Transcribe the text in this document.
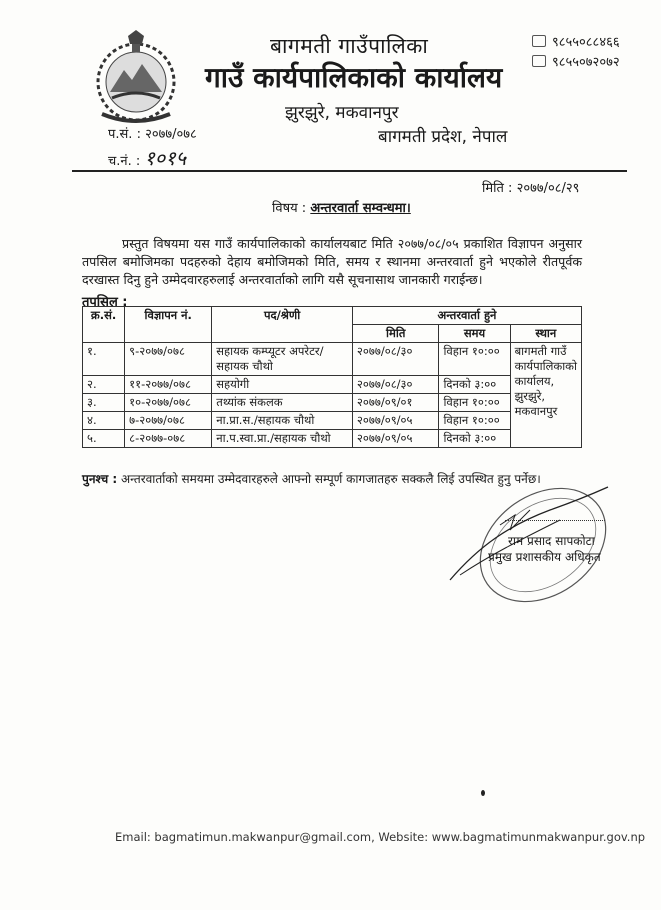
बागमती गाउँपालिका
गाउँ कार्यपालिकाको कार्यालय
झुरझुरे, मकवानपुर
बागमती प्रदेश, नेपाल
९८५५०८८४६६
९८५५०७२०७२
प.सं. : २०७७/०७८
च.नं. : १०१५
मिति : २०७७/०८/२९
विषय : अन्तरवार्ता सम्वन्धमा।
प्रस्तुत विषयमा यस गाउँ कार्यपालिकाको कार्यालयबाट मिति २०७७/०८/०५ प्रकाशित विज्ञापन अनुसार तपसिल बमोजिमका पदहरुको देहाय बमोजिमको मिति, समय र स्थानमा अन्तरवार्ता हुने भएकोले रीतपूर्वक दरखास्त दिनु हुने उम्मेदवारहरुलाई अन्तरवार्ताको लागि यसै सूचनासाथ जानकारी गराईन्छ।
तपसिल :
क्र.सं.	विज्ञापन नं.	पद/श्रेणी	अन्तरवार्ता हुने		
			मिति	समय	स्थान
१.	९-२०७७/०७८	सहायक कम्प्यूटर अपरेटर/सहायक चौथो	२०७७/०८/३०	विहान १०:००	बागमती गाउँ कार्यपालिकाको कार्यालय, झुरझुरे, मकवानपुर
२.	११-२०७७/०७८	सहयोगी	२०७७/०८/३०	दिनको ३:००	
३.	१०-२०७७/०७८	तथ्यांक संकलक	२०७७/०९/०१	विहान १०:००	
४.	७-२०७७/०७८	ना.प्रा.स./सहायक चौथो	२०७७/०९/०५	विहान १०:००	
५.	८-२०७७-०७८	ना.प.स्वा.प्रा./सहायक चौथो	२०७७/०९/०५	दिनको ३:००	
पुनश्च : अन्तरवार्ताको समयमा उम्मेदवारहरुले आफ्नो सम्पूर्ण कागजातहरु सक्कलै लिई उपस्थित हुनु पर्नेछ।
राम प्रसाद सापकोटा
प्रमुख प्रशासकीय अधिकृत
Email: bagmatimun.makwanpur@gmail.com, Website: www.bagmatimunmakwanpur.gov.np
